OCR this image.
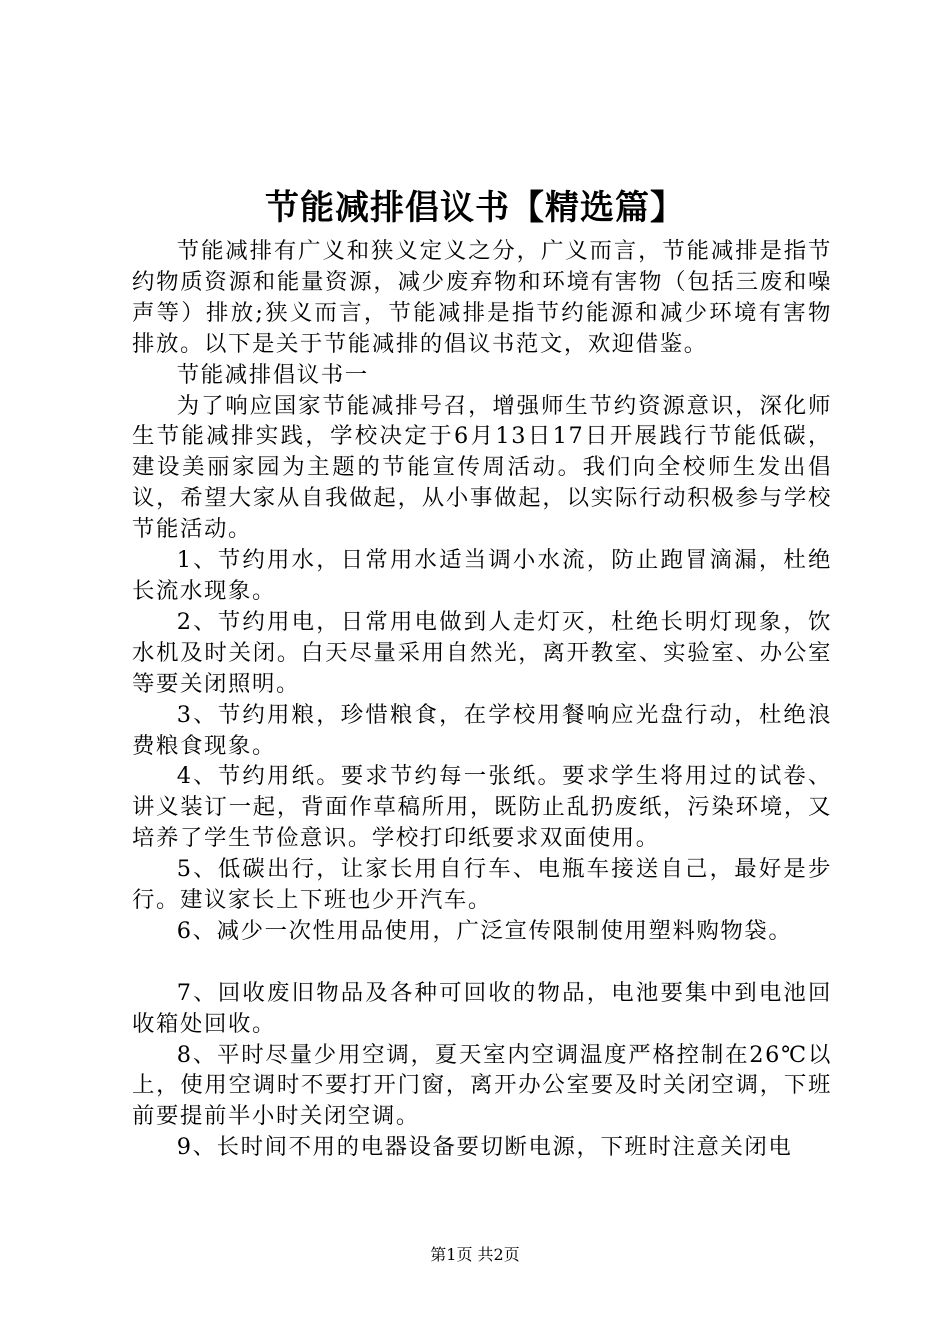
节能减排倡议书【精选篇】

节能减排有广义和狭义定义之分，广义而言，节能减排是指节约物质资源和能量资源，减少废弃物和环境有害物（包括三废和噪声等）排放;狭义而言，节能减排是指节约能源和减少环境有害物排放。以下是关于节能减排的倡议书范文，欢迎借鉴。

节能减排倡议书一

为了响应国家节能减排号召，增强师生节约资源意识，深化师生节能减排实践，学校决定于6月13日17日开展践行节能低碳，建设美丽家园为主题的节能宣传周活动。我们向全校师生发出倡议，希望大家从自我做起，从小事做起，以实际行动积极参与学校节能活动。

1、节约用水，日常用水适当调小水流，防止跑冒滴漏，杜绝长流水现象。

2、节约用电，日常用电做到人走灯灭，杜绝长明灯现象，饮水机及时关闭。白天尽量采用自然光，离开教室、实验室、办公室等要关闭照明。

3、节约用粮，珍惜粮食，在学校用餐响应光盘行动，杜绝浪费粮食现象。

4、节约用纸。要求节约每一张纸。要求学生将用过的试卷、讲义装订一起，背面作草稿所用，既防止乱扔废纸，污染环境，又培养了学生节俭意识。学校打印纸要求双面使用。

5、低碳出行，让家长用自行车、电瓶车接送自己，最好是步行。建议家长上下班也少开汽车。

6、减少一次性用品使用，广泛宣传限制使用塑料购物袋。

7、回收废旧物品及各种可回收的物品，电池要集中到电池回收箱处回收。

8、平时尽量少用空调，夏天室内空调温度严格控制在26℃以上，使用空调时不要打开门窗，离开办公室要及时关闭空调，下班前要提前半小时关闭空调。

9、长时间不用的电器设备要切断电源，下班时注意关闭电

第1页 共2页
